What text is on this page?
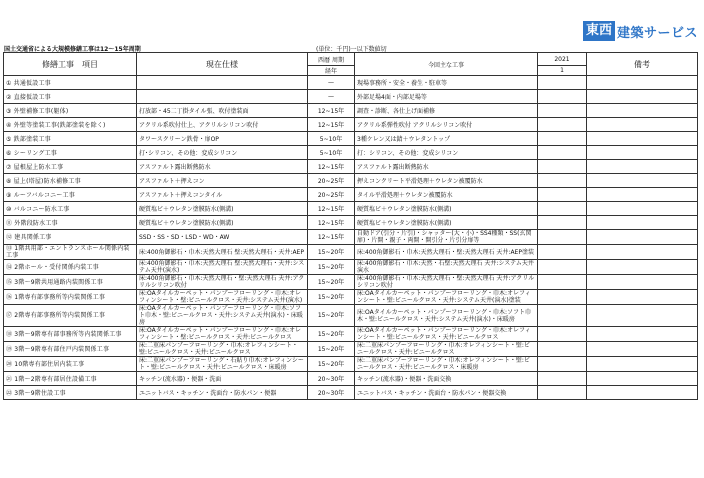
東西 建築サービス
国土交通省による大規模修繕工事は12～15年周期	(単位：千円)一以下数値切
修繕工事　項目	現在仕様	西暦 周期	今回主な工事	2021	備考
		経年		1	
① 共通仮設工事		—	現場事務所・安全・養生・駐車等		
② 直接仮設工事		—	外部足場4面・内部足場等		
③ 外壁補修工事(躯体)	打放部・45二丁掛タイル張、吹付塗装面	12~15年	調査・診断、各仕上げ面補修		
④ 外壁等塗装工事(鉄部塗装を除く)	アクリル系吹付仕上、アクリルシリコン吹付	12~15年	アクリル系弾性吹付 アクリルシリコン吹付		
⑤ 鉄部塗装工事	タワースクリーン鉄骨・扉OP	5~10年	3種ケレン又は錆＋ウレタントップ		
⑥ シーリング工事	打･シリコン、その他：変成シリコン	5~10年	打：シリコン、その他：変成シリコン		
⑦ 屋根屋上防水工事	アスファルト露出断熱防水	12~15年	アスファルト露出断熱防水		
⑧ 屋上(塔屋)防水補修工事	アスファルト＋押えコン	20~25年	押えコンクリート平滑処理＋ウレタン被覆防水		
⑨ ルーフバルコニー工事	アスファルト＋押えコンタイル	20~25年	タイル平滑処理＋ウレタン被覆防水		
⑩ バルコニー防水工事	硬質塩ビ＋ウレタン塗膜防水(側溝)	12~15年	硬質塩ビ＋ウレタン塗膜防水(側溝)		
⑪ 外階段防水工事	硬質塩ビ＋ウレタン塗膜防水(側溝)	12~15年	硬質塩ビ＋ウレタン塗膜防水(側溝)		
⑫ 建具関係工事	SSD・SS・SD・LSD・WD・AW	12~15年	自動ドア(引分・片引)・シャッター(大・小)・SS4種類・SS(玄関扉)・片開・親子・両開・開引分・片引分扉等		
⑬ 1階共用部・エントランスホール関係内装工事	床:400角御影石・巾木:天然大理石 壁:天然大理石・天井:AEP	15~20年	床:400角御影石・巾木:天然大理石・壁:天然大理石 天井:AEP塗装		
⑭ 2階ホール・受付関係内装工事	床:400角御影石・巾木:天然大理石 壁:天然大理石・天井:システム天井(演水)	15~20年	床:400角御影石・巾木:天然・石壁:天然大理石 天井:システム天井演水		
⑮ 3階～9階共用通路内装関係工事	床:400角御影石・巾木:天然大理石・壁:天然大理石 天井:アクリルシリコン吹付	15~20年	床:400角御影石・巾木:天然大理石・壁:天然大理石 天井:アクリルシリコン吹付		
⑯ 1階専有部事務所等内装関係工事	床:OAタイルカーペット・パンプーフローリング・巾木:オレフィンシート・壁:ビニールクロス・天井:システム天井(演水)	15~20年	床:OAタイルカーペット・パンプーフローリング・巾木:オレフィンシート・壁:ビニールクロス・天井:システム天井(演水)塗装		
⑰ 2階専有部事務所等内装関係工事	床:OAタイルカーペット・パンプーフローリング・巾木:ソフト巾木・壁:ビニールクロス・天井:システム天井(演水)・床暖房	15~20年	床:OAタイルカーペット・パンプーフローリング・巾木:ソフト巾木・壁:ビニールクロス・天井:システム天井(演水)・床暖房		
⑱ 3階～9階専有部事務所等内装関係工事	床:OAタイルカーペット・パンプーフローリング・巾木:オレフィンシート・壁:ビニールクロス・天井:ビニールクロス	15~20年	床:OAタイルカーペット・パンプーフローリング・巾木:オレフィンシート・壁:ビニールクロス・天井:ビニールクロス		
⑲ 3階～9階専有部住戸内装関係工事	床:二重床パンプーフローリング・巾木:オレフィンシート・壁:ビニールクロス・天井:ビニールクロス	15~20年	床:二重床パンプーフローリング・巾木:オレフィンシート・壁:ビニールクロス・天井:ビニールクロス		
⑳ 10階専有部住居内装工事	床:二重床パンプーフローリング・石貼り巾木:オレフィンシート・壁:ビニールクロス・天井:ビニールクロス・床暖房	15~20年	床:二重床パンプーフローリング・巾木:オレフィンシート・壁:ビニールクロス・天井:ビニールクロス・床暖房		
㉑ 1階～2階専有部居住設備工事	キッチン(流水器)・便器・洗面	20~30年	キッチン(流水器)・便器・洗面交換		
㉒ 3階～9階住設工事	ユニットバス・キッチン・洗面台・防水パン・便器	20~30年	ユニットバス・キッチン・洗面台・防水パン・便器交換		
